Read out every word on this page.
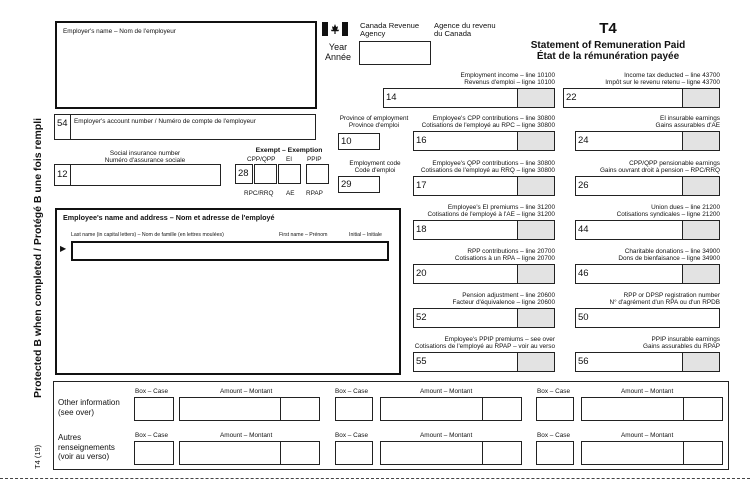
Employer's name – Nom de l'employeur
Canada Revenue
Agency
Agence du revenu
du Canada
Year
Année
T4
Statement of Remuneration Paid
État de la rémunération payée
Protected B when completed / Protégé B une fois rempli
T4 (19)
54 Employer's account number / Numéro de compte de l'employeur
Social insurance number
Numéro d'assurance sociale
12
Exempt – Exemption
CPP/QPP EI PPIP
28
RPC/RRQ AE RPAP
Province of employment
Province d'emploi
10
Employment code
Code d'emploi
29
Employee's name and address – Nom et adresse de l'employé
Last name (in capital letters) – Nom de famille (en lettres moulées)	First name – Prénom	Initial – Initiale
▶
Employment income – line 10100
Revenus d'emploi – ligne 10100
14
Employee's CPP contributions – line 30800
Cotisations de l'employé au RPC – ligne 30800
16
Employee's QPP contributions – line 30800
Cotisations de l'employé au RRQ – ligne 30800
17
Employee's EI premiums – line 31200
Cotisations de l'employé à l'AE – ligne 31200
18
RPP contributions – line 20700
Cotisations à un RPA – ligne 20700
20
Pension adjustment – line 20600
Facteur d'équivalence – ligne 20600
52
Employee's PPIP premiums – see over
Cotisations de l'employé au RPAP – voir au verso
55
Income tax deducted – line 43700
Impôt sur le revenu retenu – ligne 43700
22
EI insurable earnings
Gains assurables d'AE
24
CPP/QPP pensionable earnings
Gains ouvrant droit à pension – RPC/RRQ
26
Union dues – line 21200
Cotisations syndicales – ligne 21200
44
Charitable donations – line 34900
Dons de bienfaisance – ligne 34900
46
RPP or DPSP registration number
N° d'agrément d'un RPA ou d'un RPDB
50
PPIP insurable earnings
Gains assurables du RPAP
56
Other information
(see over)
Autres
renseignements
(voir au verso)
Box – Case	Amount – Montant	Box – Case	Amount – Montant	Box – Case	Amount – Montant
Box – Case	Amount – Montant	Box – Case	Amount – Montant	Box – Case	Amount – Montant
